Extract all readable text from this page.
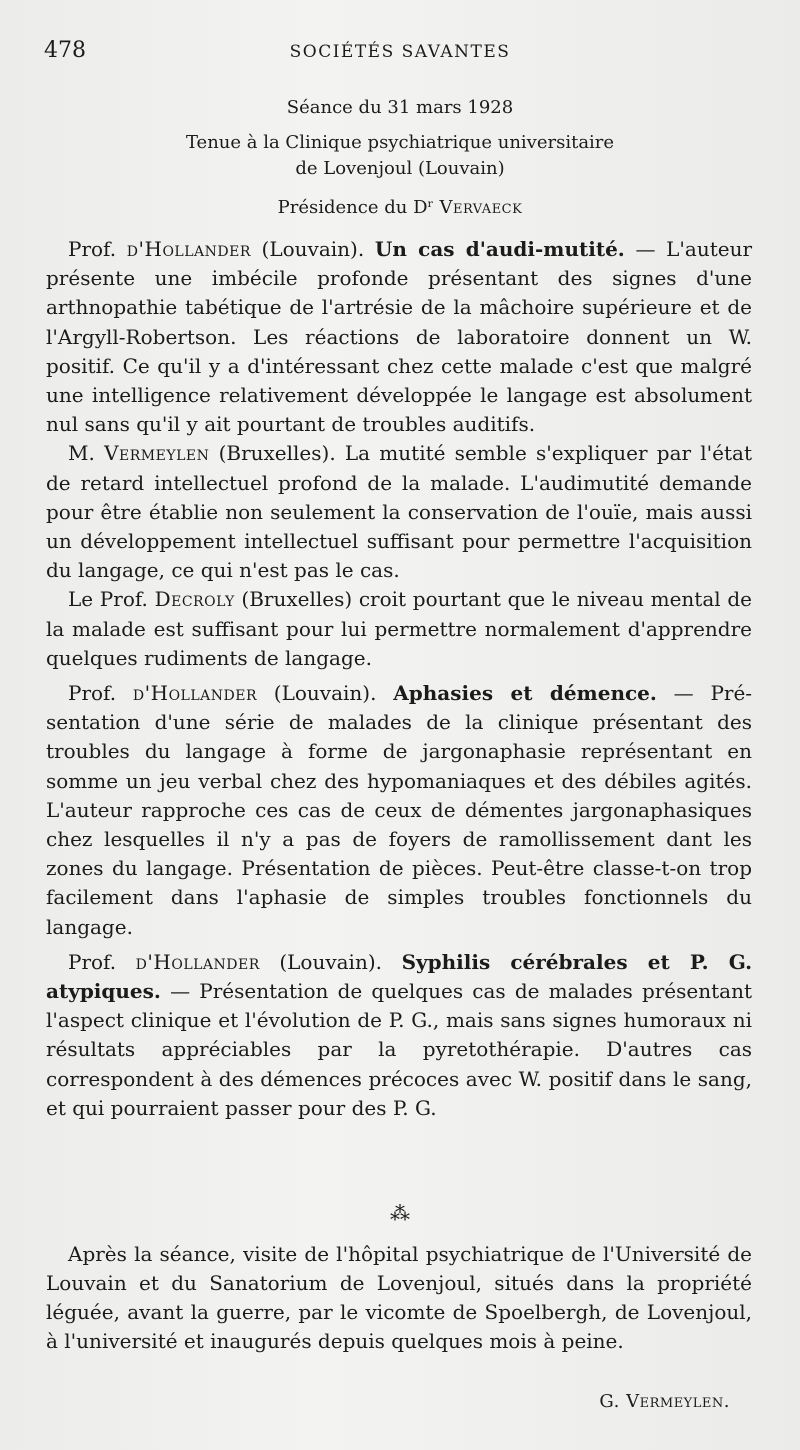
478	SOCIÉTÉS SAVANTES
Séance du 31 mars 1928
Tenue à la Clinique psychiatrique universitaire
de Lovenjoul (Louvain)
Présidence du Dʳ Vervaeck

Prof. d'Hollander (Louvain). Un cas d'audi-mutité. — L'auteur présente une imbécile profonde présentant des signes d'une arthnopathie tabétique de l'artrésie de la mâchoire supérieure et de l'Argyll-Robertson. Les réactions de laboratoire donnent un W. positif. Ce qu'il y a d'intéressant chez cette malade c'est que malgré une intelligence relativement développée le langage est absolument nul sans qu'il y ait pourtant de troubles auditifs.

M. Vermeylen (Bruxelles). La mutité semble s'expliquer par l'état de retard intellectuel profond de la malade. L'audimutité demande pour être établie non seulement la conservation de l'ouïe, mais aussi un développement intellectuel suffisant pour permettre l'acquisition du langage, ce qui n'est pas le cas.

Le Prof. Decroly (Bruxelles) croit pourtant que le niveau mental de la malade est suffisant pour lui permettre normalement d'apprendre quelques rudiments de langage.

Prof. d'Hollander (Louvain). Aphasies et démence. — Présentation d'une série de malades de la clinique présentant des troubles du langage à forme de jargonaphasie représentant en somme un jeu verbal chez des hypomaniaques et des débiles agités. L'auteur rapproche ces cas de ceux de démentes jargonaphasiques chez lesquelles il n'y a pas de foyers de ramollissement dant les zones du langage. Présentation de pièces. Peut-être classe-t-on trop facilement dans l'aphasie de simples troubles fonctionnels du langage.

Prof. d'Hollander (Louvain). Syphilis cérébrales et P. G. atypiques. — Présentation de quelques cas de malades présentant l'aspect clinique et l'évolution de P. G., mais sans signes humoraux ni résultats appréciables par la pyretothérapie. D'autres cas correspondent à des démences précoces avec W. positif dans le sang, et qui pourraient passer pour des P. G.

⁂

Après la séance, visite de l'hôpital psychiatrique de l'Université de Louvain et du Sanatorium de Lovenjoul, situés dans la propriété léguée, avant la guerre, par le vicomte de Spoelbergh, de Lovenjoul, à l'université et inaugurés depuis quelques mois à peine.

G. Vermeylen.
